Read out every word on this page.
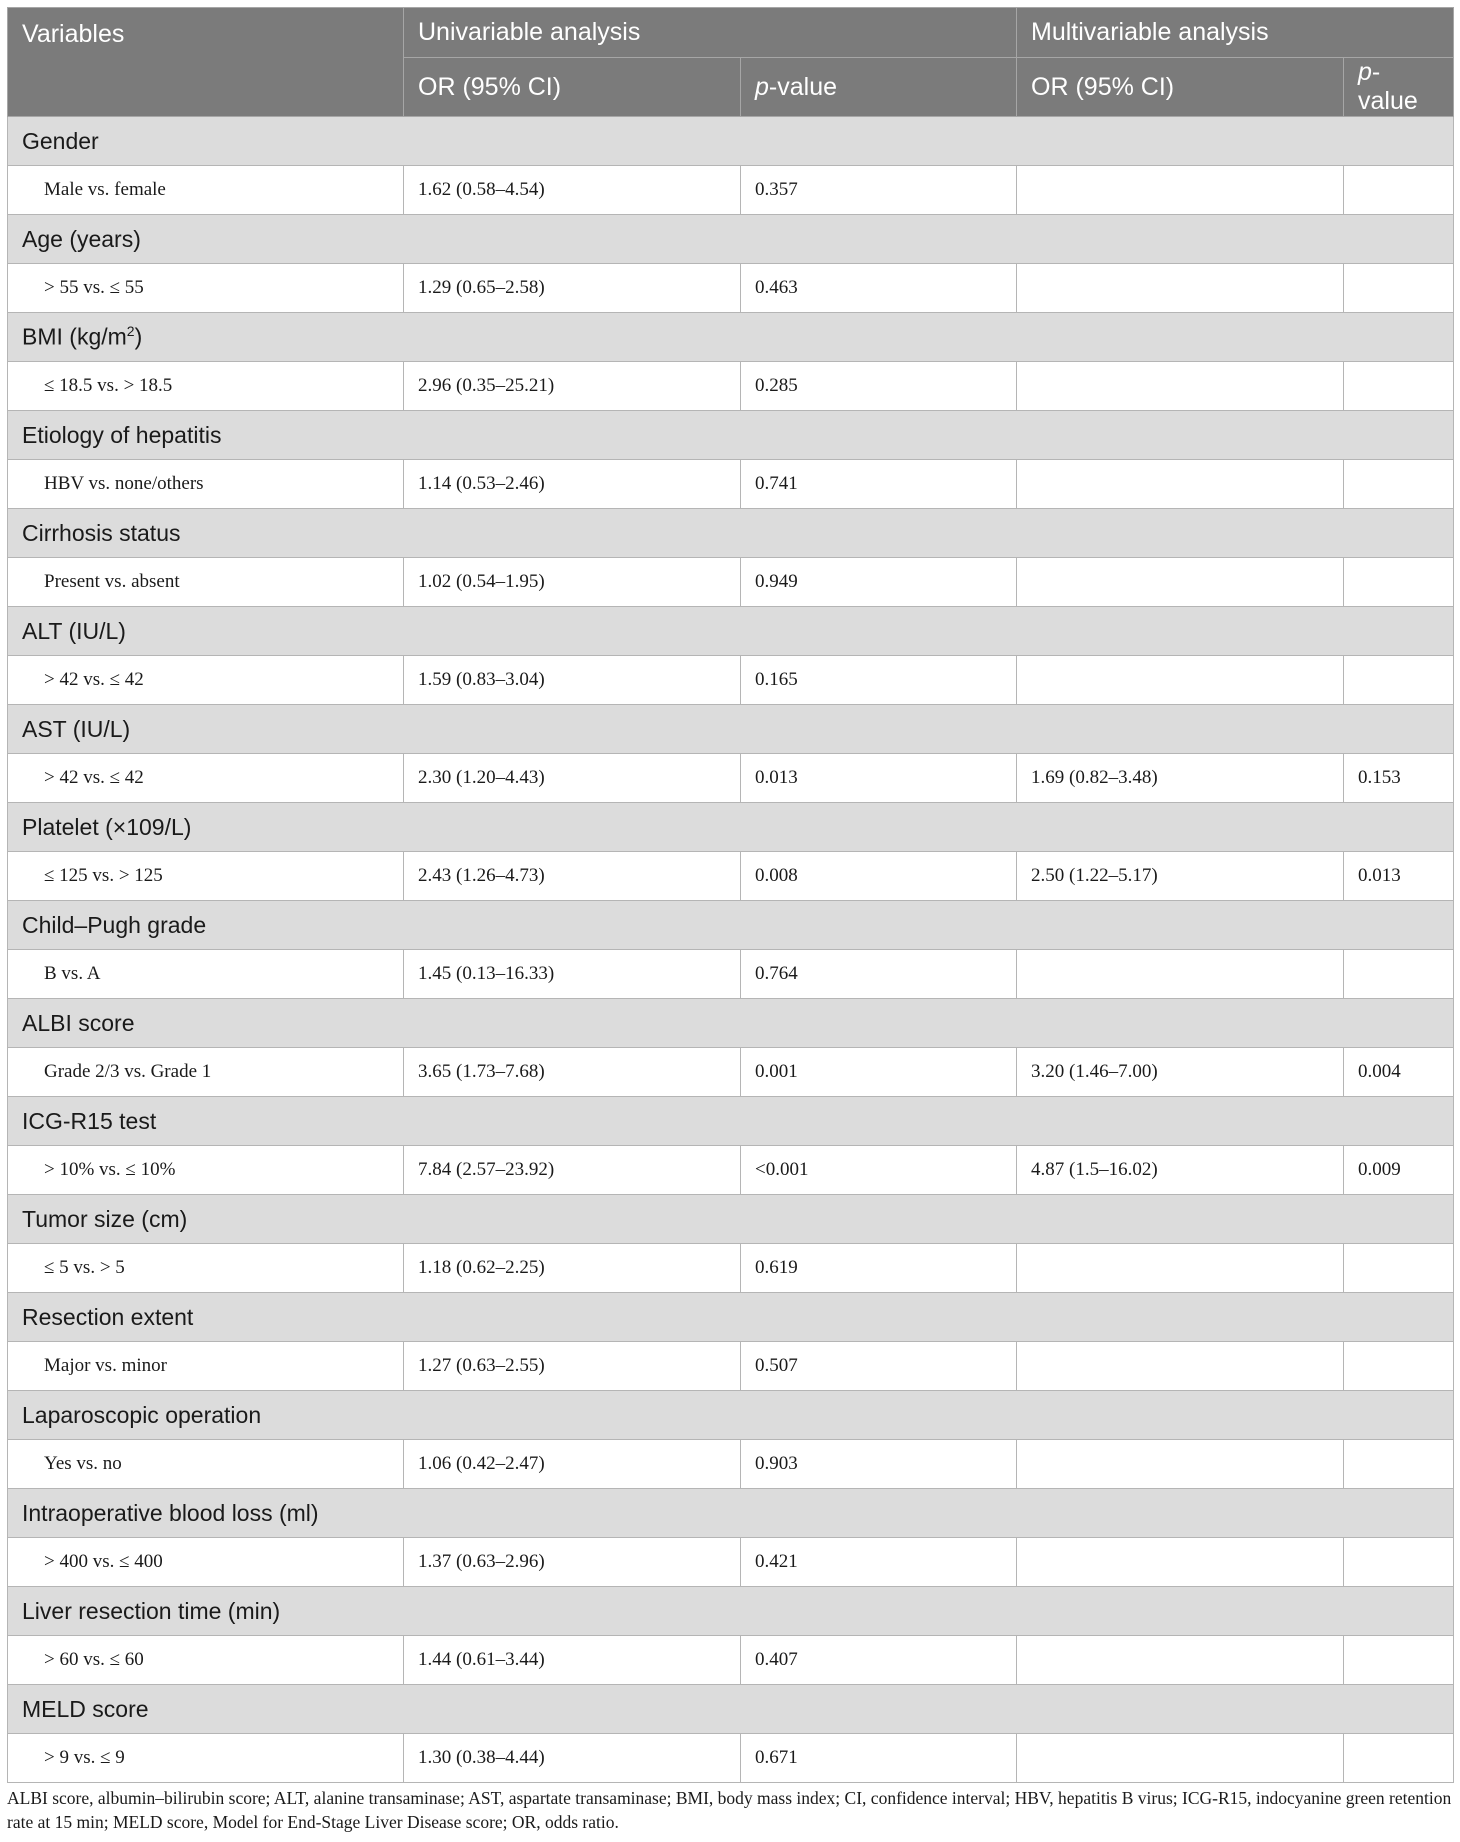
Variables	Univariable analysis		Multivariable analysis	
	OR (95% CI)	p-value	OR (95% CI)	p-value
Gender				
Male vs. female	1.62 (0.58–4.54)	0.357		
Age (years)				
> 55 vs. ≤ 55	1.29 (0.65–2.58)	0.463		
BMI $(kg/m^2)$				
≤ 18.5 vs. > 18.5	2.96 (0.35–25.21)	0.285		
Etiology of hepatitis				
HBV vs. none/others	1.14 (0.53–2.46)	0.741		
Cirrhosis status				
Present vs. absent	1.02 (0.54–1.95)	0.949		
ALT (IU/L)				
> 42 vs. ≤ 42	1.59 (0.83–3.04)	0.165		
AST (IU/L)				
> 42 vs. ≤ 42	2.30 (1.20–4.43)	0.013	1.69 (0.82–3.48)	0.153
Platelet (×109/L)				
≤ 125 vs. > 125	2.43 (1.26–4.73)	0.008	2.50 (1.22–5.17)	0.013
Child–Pugh grade				
B vs. A	1.45 (0.13–16.33)	0.764		
ALBI score				
Grade 2/3 vs. Grade 1	3.65 (1.73–7.68)	0.001	3.20 (1.46–7.00)	0.004
ICG-R15 test				
> 10% vs. ≤ 10%	7.84 (2.57–23.92)	<0.001	4.87 (1.5–16.02)	0.009
Tumor size (cm)				
≤ 5 vs. > 5	1.18 (0.62–2.25)	0.619		
Resection extent				
Major vs. minor	1.27 (0.63–2.55)	0.507		
Laparoscopic operation				
Yes vs. no	1.06 (0.42–2.47)	0.903		
Intraoperative blood loss (ml)				
> 400 vs. ≤ 400	1.37 (0.63–2.96)	0.421		
Liver resection time (min)				
> 60 vs. ≤ 60	1.44 (0.61–3.44)	0.407		
MELD score				
> 9 vs. ≤ 9	1.30 (0.38–4.44)	0.671		
ALBI score, albumin–bilirubin score; ALT, alanine transaminase; AST, aspartate transaminase; BMI, body mass index; CI, confidence interval; HBV, hepatitis B virus; ICG-R15, indocyanine green retention rate at 15 min; MELD score, Model for End-Stage Liver Disease score; OR, odds ratio.
